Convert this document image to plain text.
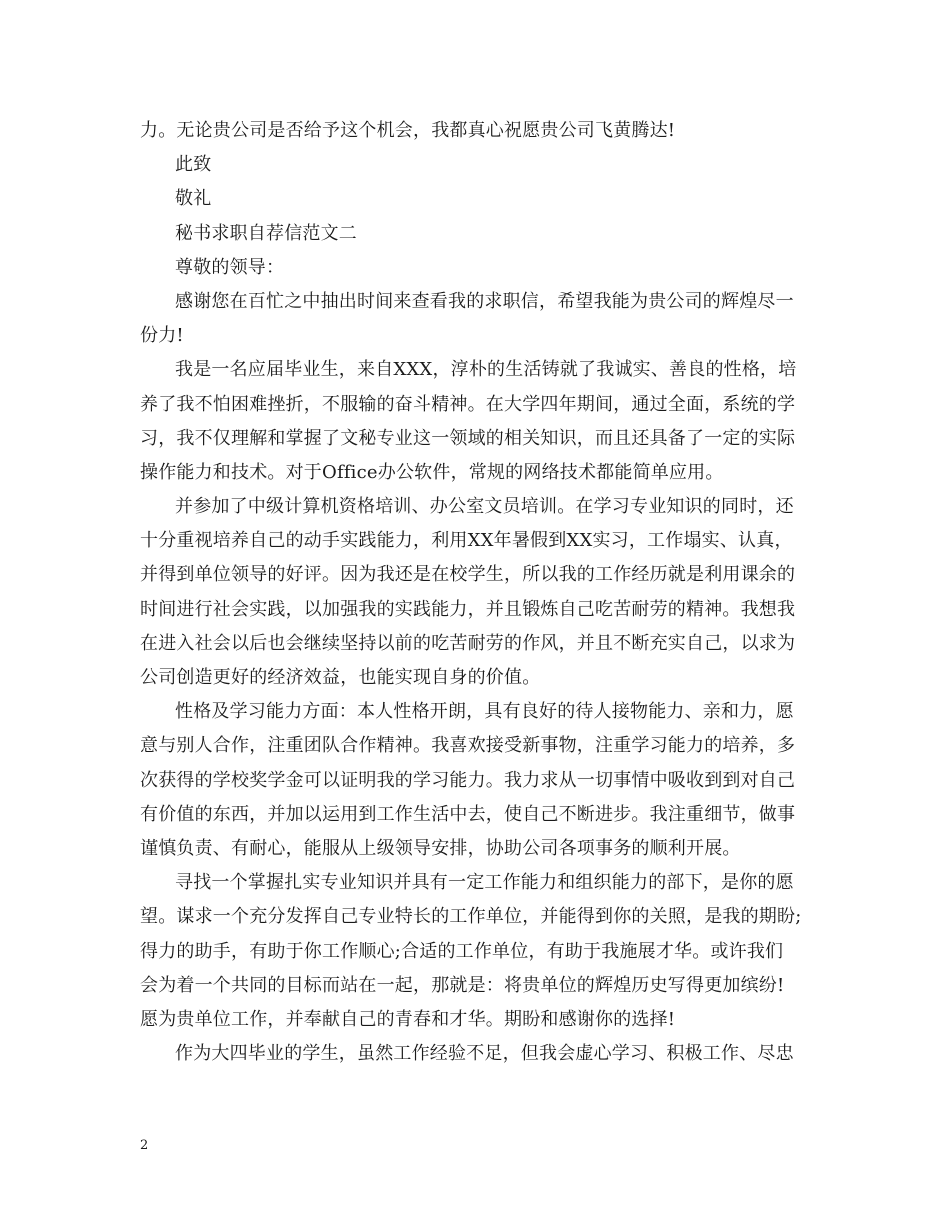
力。无论贵公司是否给予这个机会，我都真心祝愿贵公司飞黄腾达!
此致
敬礼
秘书求职自荐信范文二
尊敬的领导：
感谢您在百忙之中抽出时间来查看我的求职信，希望我能为贵公司的辉煌尽一
份力!
我是一名应届毕业生，来自XXX，淳朴的生活铸就了我诚实、善良的性格，培
养了我不怕困难挫折，不服输的奋斗精神。在大学四年期间，通过全面，系统的学
习，我不仅理解和掌握了文秘专业这一领域的相关知识，而且还具备了一定的实际
操作能力和技术。对于Office办公软件，常规的网络技术都能简单应用。
并参加了中级计算机资格培训、办公室文员培训。在学习专业知识的同时，还
十分重视培养自己的动手实践能力，利用XX年暑假到XX实习，工作塌实、认真，
并得到单位领导的好评。因为我还是在校学生，所以我的工作经历就是利用课余的
时间进行社会实践，以加强我的实践能力，并且锻炼自己吃苦耐劳的精神。我想我
在进入社会以后也会继续坚持以前的吃苦耐劳的作风，并且不断充实自己，以求为
公司创造更好的经济效益，也能实现自身的价值。
性格及学习能力方面：本人性格开朗，具有良好的待人接物能力、亲和力，愿
意与别人合作，注重团队合作精神。我喜欢接受新事物，注重学习能力的培养，多
次获得的学校奖学金可以证明我的学习能力。我力求从一切事情中吸收到到对自己
有价值的东西，并加以运用到工作生活中去，使自己不断进步。我注重细节，做事
谨慎负责、有耐心，能服从上级领导安排，协助公司各项事务的顺利开展。
寻找一个掌握扎实专业知识并具有一定工作能力和组织能力的部下，是你的愿
望。谋求一个充分发挥自己专业特长的工作单位，并能得到你的关照，是我的期盼;
得力的助手，有助于你工作顺心;合适的工作单位，有助于我施展才华。或许我们
会为着一个共同的目标而站在一起，那就是：将贵单位的辉煌历史写得更加缤纷!
愿为贵单位工作，并奉献自己的青春和才华。期盼和感谢你的选择!
作为大四毕业的学生，虽然工作经验不足，但我会虚心学习、积极工作、尽忠
2
